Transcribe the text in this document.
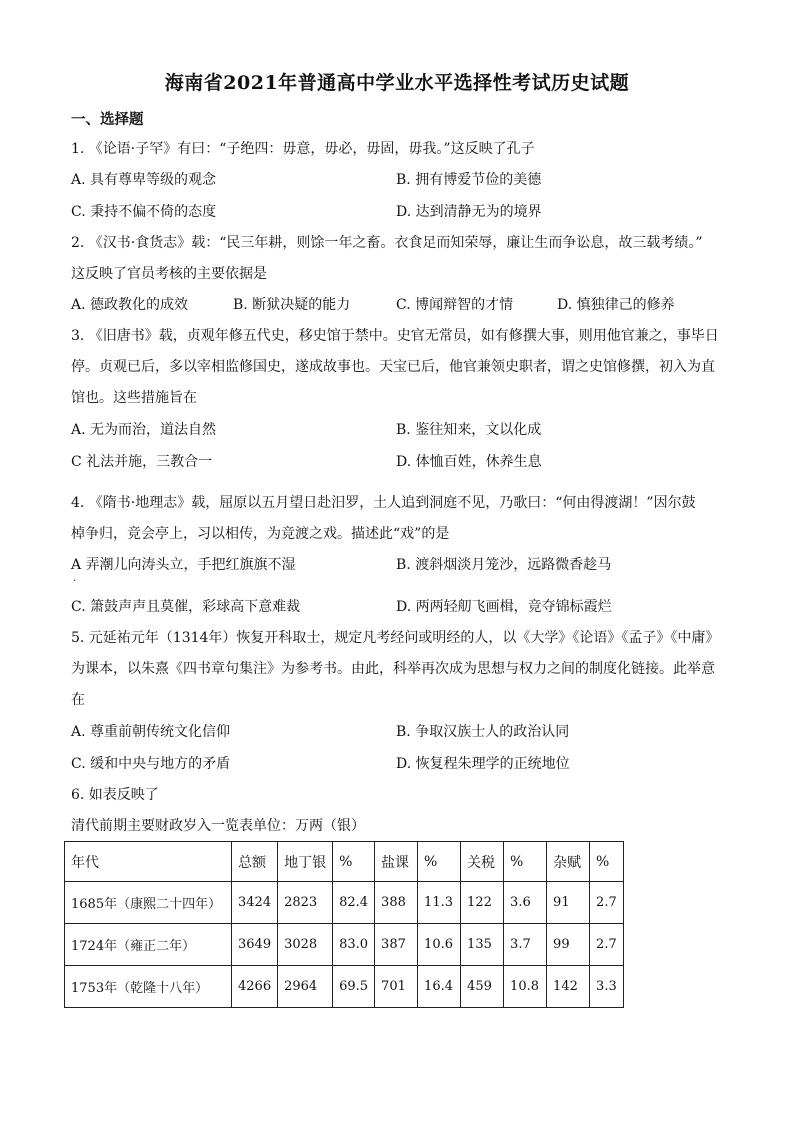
海南省2021年普通高中学业水平选择性考试历史试题
一、选择题
1. 《论语·子罕》有曰：“子绝四：毋意，毋必，毋固，毋我。”这反映了孔子
A. 具有尊卑等级的观念	B. 拥有博爱节俭的美德
C. 秉持不偏不倚的态度	D. 达到清静无为的境界
2. 《汉书·食货志》载：“民三年耕，则馀一年之畜。衣食足而知荣辱，廉让生而争讼息，故三载考绩。”
这反映了官员考核的主要依据是
A. 德政教化的成效	B. 断狱决疑的能力	C. 博闻辩智的才情	D. 慎独律己的修养
3. 《旧唐书》载，贞观年修五代史，移史馆于禁中。史官无常员，如有修撰大事，则用他官兼之，事毕日
停。贞观已后，多以宰相监修国史，遂成故事也。天宝已后，他官兼领史职者，谓之史馆修撰，初入为直
馆也。这些措施旨在
A. 无为而治，道法自然	B. 鉴往知来，文以化成
C 礼法并施，三教合一	D. 体恤百姓，休养生息
4. 《隋书·地理志》载，屈原以五月望日赴汨罗，土人追到洞庭不见，乃歌曰：“何由得渡湖！”因尔鼓
棹争归，竞会亭上，习以相传，为竞渡之戏。描述此“戏”的是
A 弄潮儿向涛头立，手把红旗旗不湿
·
B. 渡斜烟淡月笼沙，远路微香趁马
C. 箫鼓声声且莫催，彩球高下意难裁	D. 两两轻舠飞画楫，竞夺锦标霞烂
5. 元延祐元年（1314年）恢复开科取士，规定凡考经问或明经的人，以《大学》《论语》《孟子》《中庸》
为课本，以朱熹《四书章句集注》为参考书。由此，科举再次成为思想与权力之间的制度化链接。此举意
在
A. 尊重前朝传统文化信仰	B. 争取汉族士人的政治认同
C. 缓和中央与地方的矛盾	D. 恢复程朱理学的正统地位
6. 如表反映了
清代前期主要财政岁入一览表单位：万两（银）
年代	总额	地丁银	%	盐课	%	关税	%	杂赋	%
1685年（康熙二十四年）	3424	2823	82.4	388	11.3	122	3.6	91	2.7
1724年（雍正二年）	3649	3028	83.0	387	10.6	135	3.7	99	2.7
1753年（乾隆十八年）	4266	2964	69.5	701	16.4	459	10.8	142	3.3
